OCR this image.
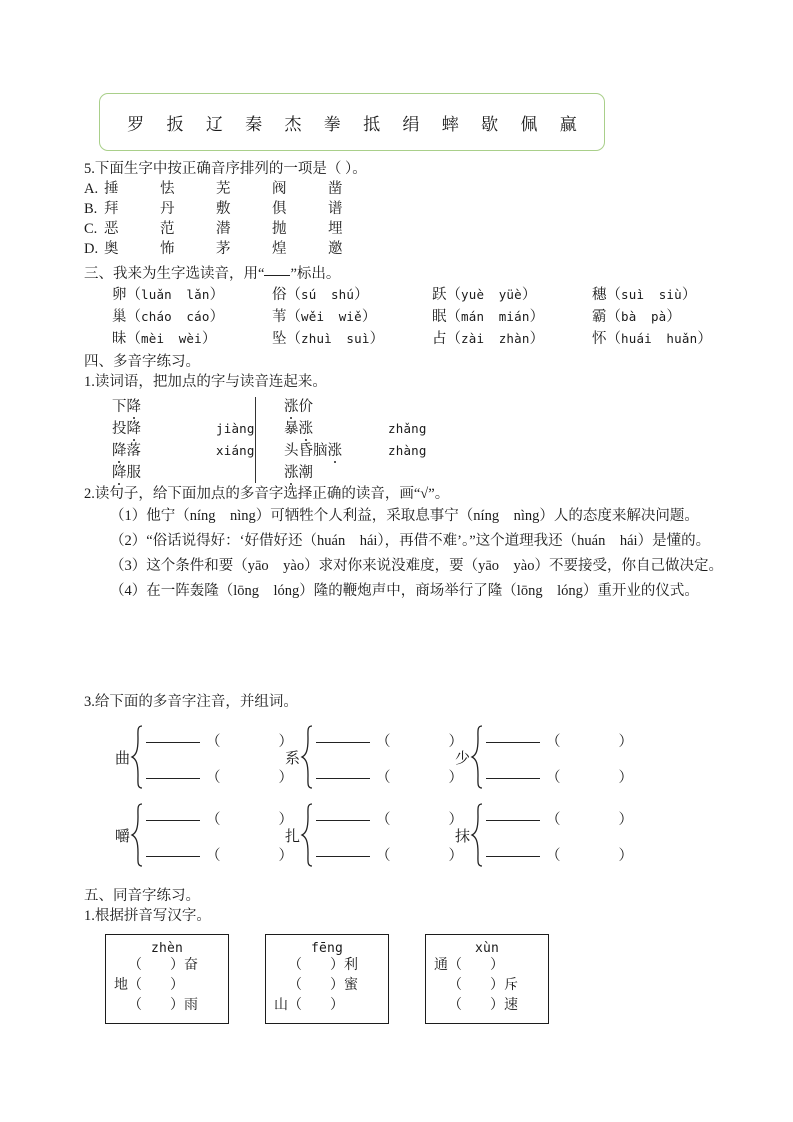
罗 扳 辽 秦 杰 拳 抵 绢 蟀 歇 佩 赢
5.下面生字中按正确音序排列的一项是（ ）。
A. 捶	怯	芜	阀	凿
B. 拜	丹	敷	俱	谱
C. 恶	范	潜	抛	埋
D. 奥	怖	茅	煌	邀
三、我来为生字选读音，用“ ”标出。
卵（luǎn　 lǎn）	俗（sú　 shú）	跃（yuè　 yüè）	穗（suì　 siù）
巢（cháo　 cáo）	苇（wěi　 wiě）	眠（mán　 mián）	霸（bà　 pà）
昧（mèi　 wèi）	坠（zhuì　 suì）	占（zài　 zhàn）	怀（huái　 huǎn）
四、多音字练习。
1.读词语，把加点的字与读音连起来。
下降
投降	jiàng
降落	xiáng
降服
涨价
暴涨	zhǎng
头昏脑涨	zhàng
涨潮
2.读句子，给下面加点的多音字选择正确的读音，画“√”。
（1）他宁（níng　nìng）可牺牲个人利益，采取息事宁（níng　nìng）人的态度来解决问题。
（2）“俗话说得好：‘好借好还（huán　hái），再借不难’。”这个道理我还（huán　hái）是懂的。
（3）这个条件和要（yāo　yào）求对你来说没难度，要（yāo　yào）不要接受，你自己做决定。
（4）在一阵轰隆（lōng　lóng）隆的鞭炮声中，商场举行了隆（lōng　lóng）重开业的仪式。
3.给下面的多音字注音，并组词。
曲
（　　　　）
（　　　　）
系
（　　　　）
（　　　　）
少
（　　　　）
（　　　　）
嚼
（　　　　）
（　　　　）
扎
（　　　　）
（　　　　）
抹
（　　　　）
（　　　　）
五、同音字练习。
1.根据拼音写汉字。
zhèn
（　　）奋
地（　　）
（　　）雨
fēng
（　　）利
（　　）蜜
山（　　）
xùn
通（　　）
（　　）斥
（　　）速
